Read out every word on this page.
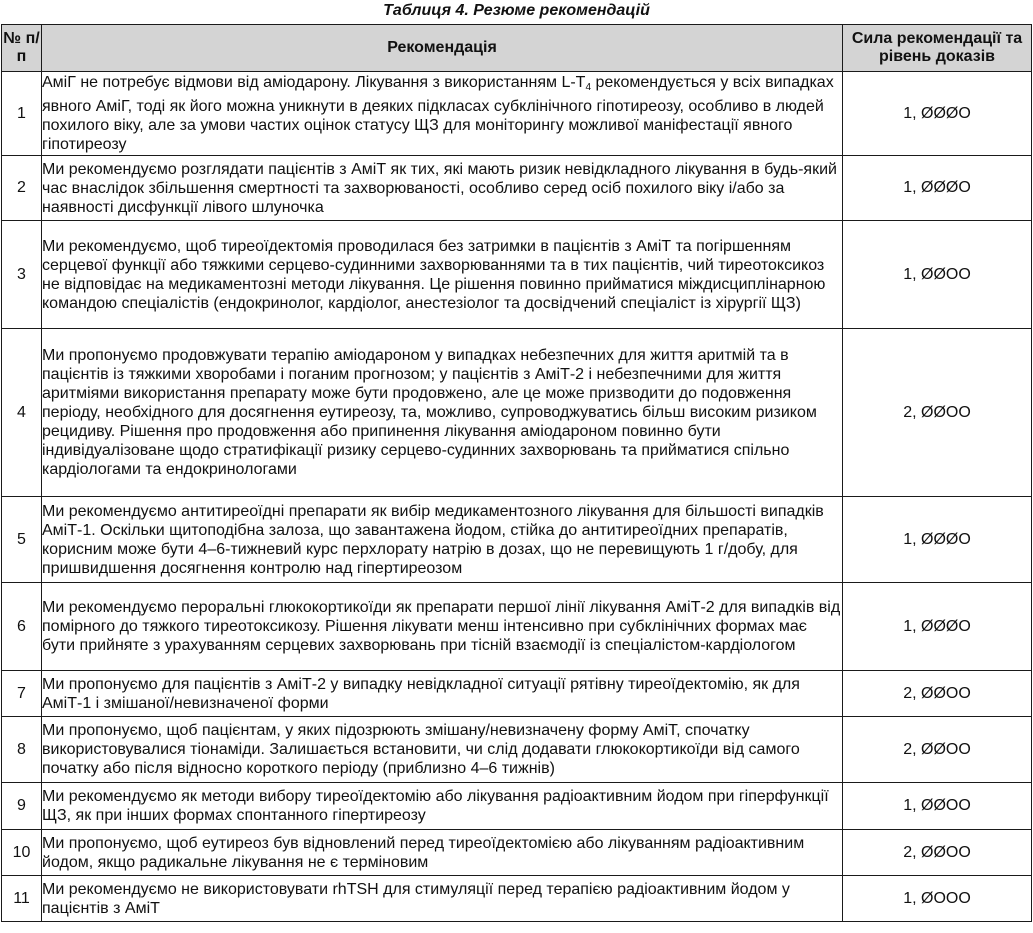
Таблиця 4. Резюме рекомендацій
№ п/п	Рекомендація	Сила рекомендації та рівень доказів
1	АміГ не потребує відмови від аміодарону. Лікування з використанням $L-T_4$ рекомендується у всіх випадках явного АміГ, тоді як його можна уникнути в деяких підкласах субклінічного гіпотиреозу, особливо в людей похилого віку, але за умови частих оцінок статусу ЩЗ для моніторингу можливої маніфестації явного гіпотиреозу	1, ØØØO
2	Ми рекомендуємо розглядати пацієнтів з АміТ як тих, які мають ризик невідкладного лікування в будь-який час внаслідок збільшення смертності та захворюваності, особливо серед осіб похилого віку і/або за наявності дисфункції лівого шлуночка	1, ØØØO
3	Ми рекомендуємо, щоб тиреоїдектомія проводилася без затримки в пацієнтів з АміТ та погіршенням серцевої функції або тяжкими серцево-судинними захворюваннями та в тих пацієнтів, чий тиреотоксикоз не відповідає на медикаментозні методи лікування. Це рішення повинно прийматися міждисциплінарною командою спеціалістів (ендокринолог, кардіолог, анестезіолог та досвідчений спеціаліст із хірургії ЩЗ)	1, ØØOO
4	Ми пропонуємо продовжувати терапію аміодароном у випадках небезпечних для життя аритмій та в пацієнтів із тяжкими хворобами і поганим прогнозом; у пацієнтів з АміТ-2 і небезпечними для життя аритміями використання препарату може бути продовжено, але це може призводити до подовження періоду, необхідного для досягнення еутиреозу, та, можливо, супроводжуватись більш високим ризиком рецидиву. Рішення про продовження або припинення лікування аміодароном повинно бути індивідуалізоване щодо стратифікації ризику серцево-судинних захворювань та прийматися спільно кардіологами та ендокринологами	2, ØØOO
5	Ми рекомендуємо антитиреоїдні препарати як вибір медикаментозного лікування для більшості випадків АміТ-1. Оскільки щитоподібна залоза, що завантажена йодом, стійка до антитиреоїдних препаратів, корисним може бути 4–6-тижневий курс перхлорату натрію в дозах, що не перевищують 1 г/добу, для пришвидшення досягнення контролю над гіпертиреозом	1, ØØØO
6	Ми рекомендуємо пероральні глюкокортикоїди як препарати першої лінії лікування АміТ-2 для випадків від помірного до тяжкого тиреотоксикозу. Рішення лікувати менш інтенсивно при субклінічних формах має бути прийняте з урахуванням серцевих захворювань при тісній взаємодії із спеціалістом-кардіологом	1, ØØØO
7	Ми пропонуємо для пацієнтів з АміТ-2 у випадку невідкладної ситуації рятівну тиреоїдектомію, як для АміТ-1 і змішаної/невизначеної форми	2, ØØOO
8	Ми пропонуємо, щоб пацієнтам, у яких підозрюють змішану/невизначену форму АміТ, спочатку використовувалися тіонаміди. Залишається встановити, чи слід додавати глюкокортикоїди від самого початку або після відносно короткого періоду (приблизно 4–6 тижнів)	2, ØØOO
9	Ми рекомендуємо як методи вибору тиреоїдектомію або лікування радіоактивним йодом при гіперфункції ЩЗ, як при інших формах спонтанного гіпертиреозу	1, ØØOO
10	Ми пропонуємо, щоб еутиреоз був відновлений перед тиреоїдектомією або лікуванням радіоактивним йодом, якщо радикальне лікування не є терміновим	2, ØØOO
11	Ми рекомендуємо не використовувати rhTSH для стимуляції перед терапією радіоактивним йодом у пацієнтів з АміТ	1, ØOOO
